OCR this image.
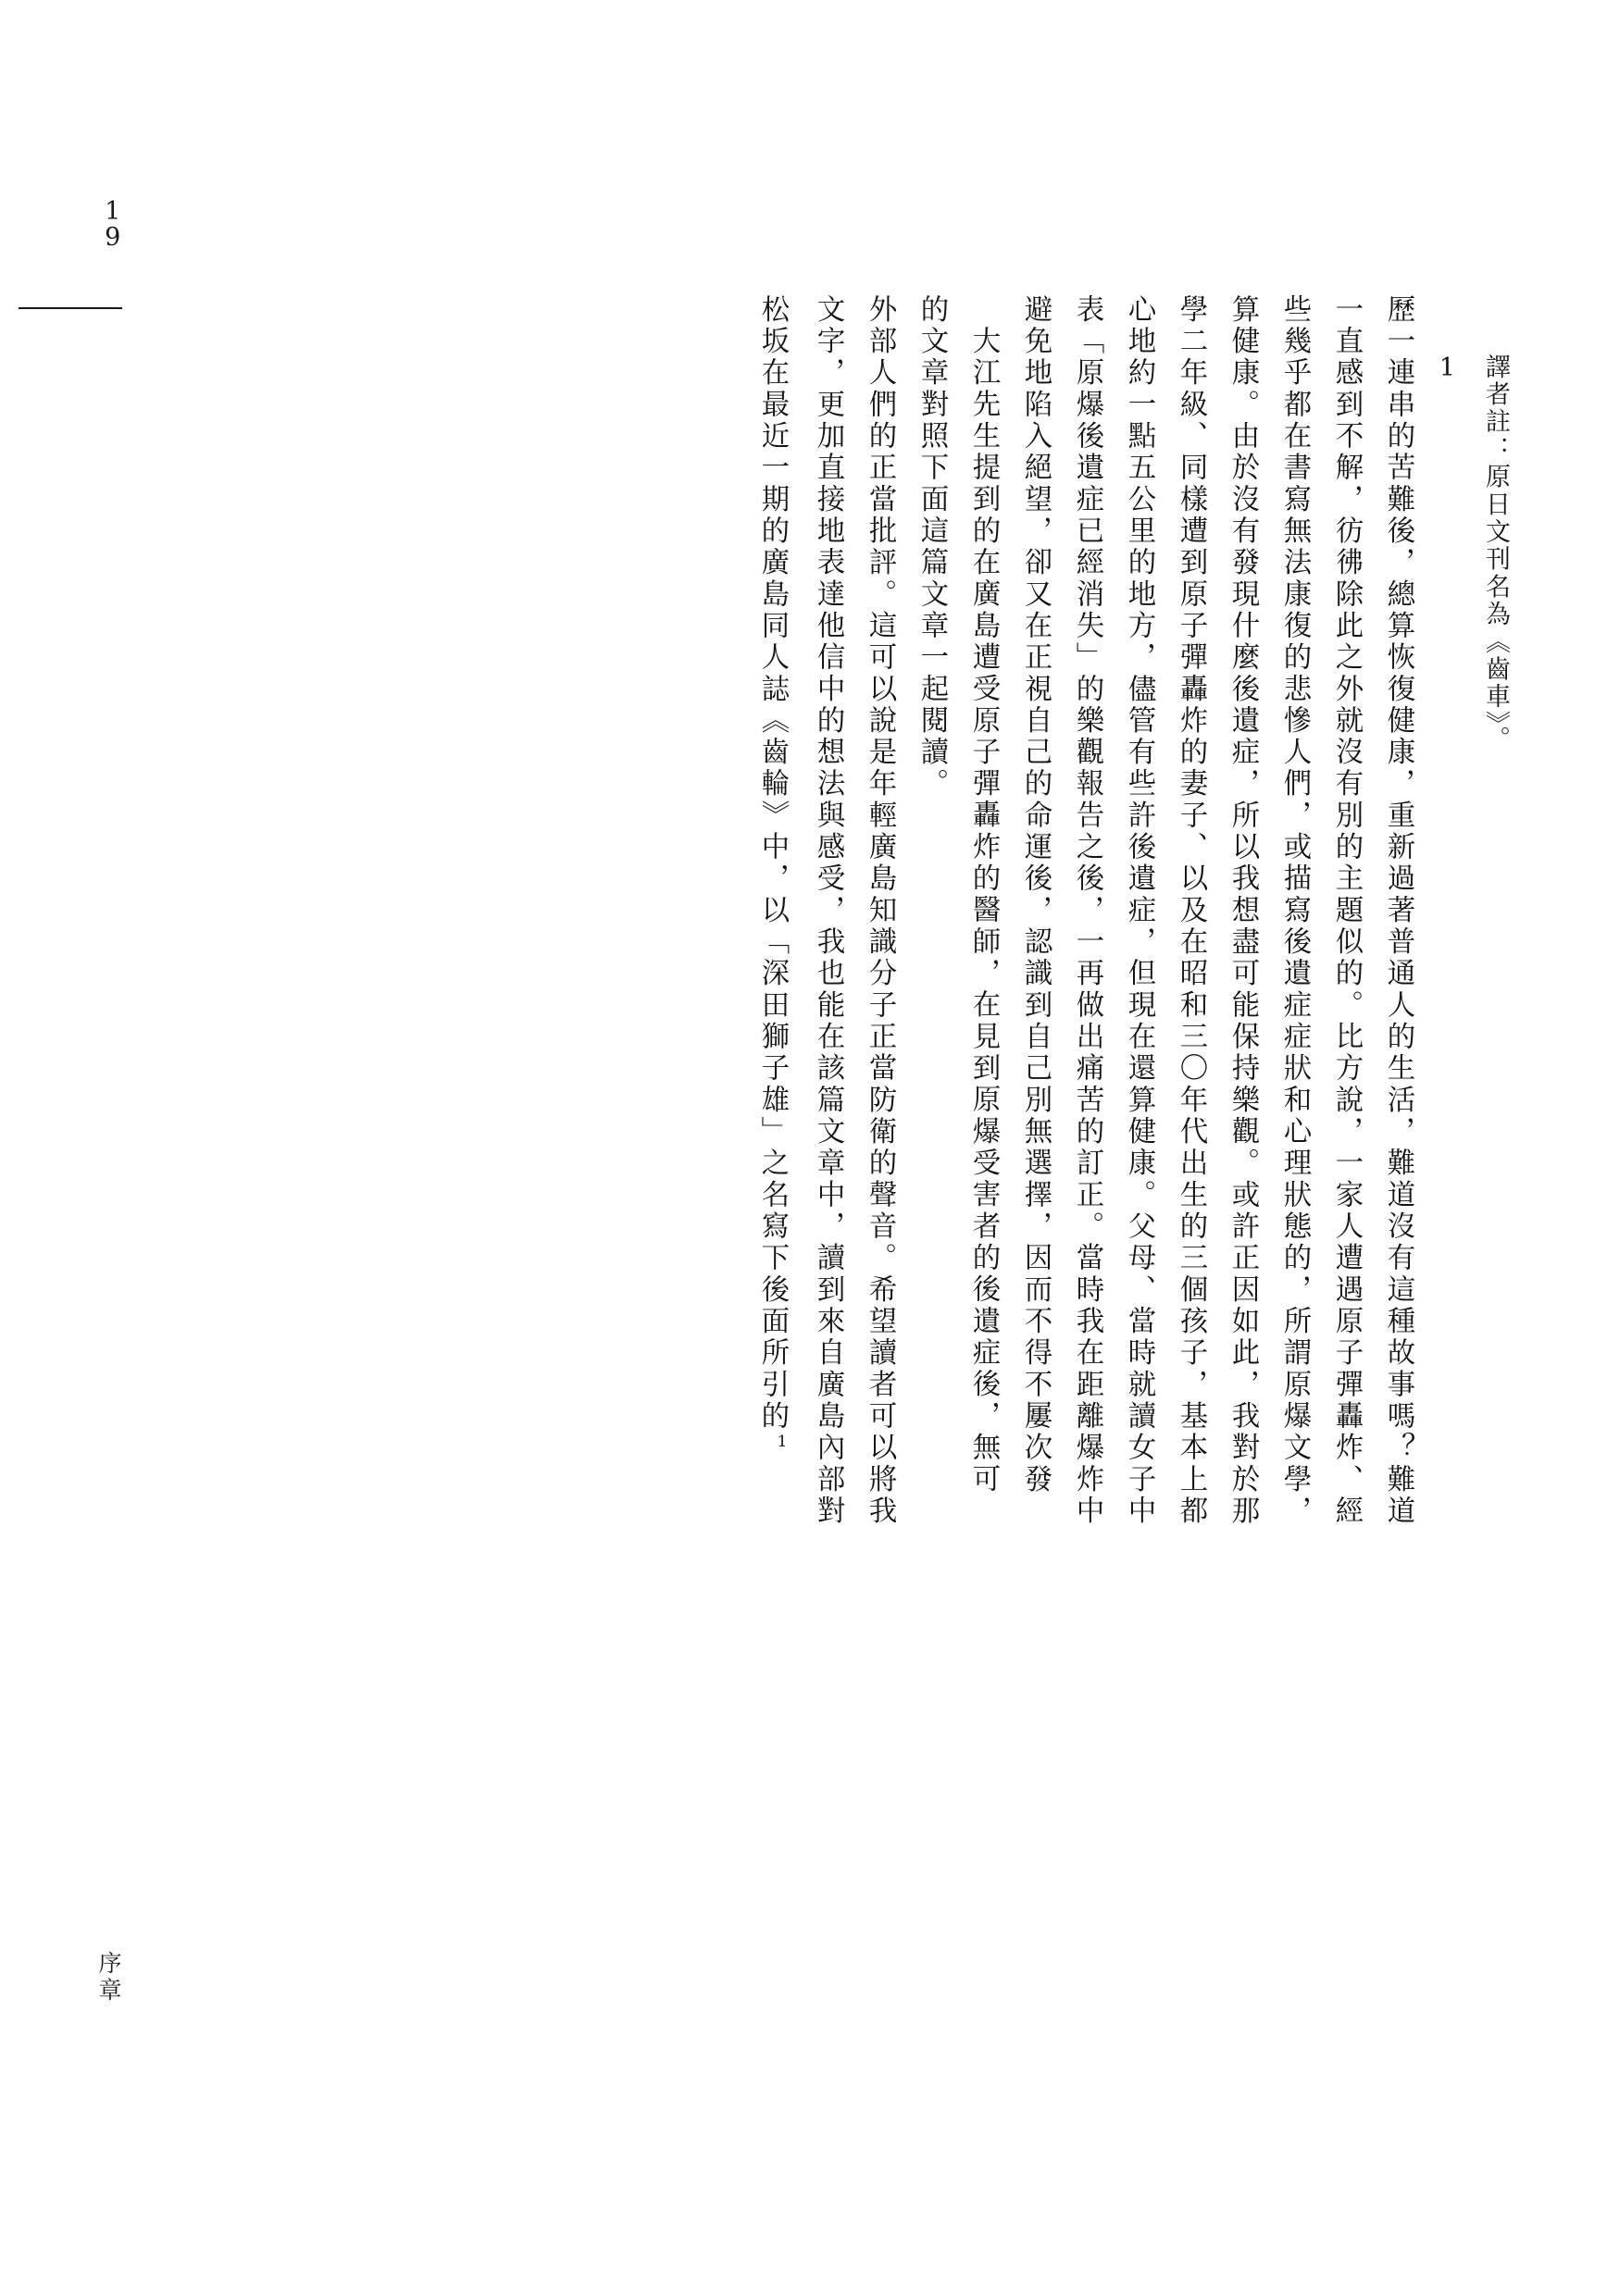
1
9
序章
松坂在最近一期的廣島同人誌《齒輪》中，以「深田獅子雄」之名寫下後面所引的$^1$ 文字，更加直接地表達他信中的想法與感受，我也能在該篇文章中，讀到來自廣島內部對 外部人們的正當批評。這可以說是年輕廣島知識分子正當防衛的聲音。希望讀者可以將我 的文章對照下面這篇文章一起閱讀。 大江先生提到的在廣島遭受原子彈轟炸的醫師，在見到原爆受害者的後遺症後，無可 避免地陷入絕望，卻又在正視自己的命運後，認識到自己別無選擇，因而不得不屢次發 表「原爆後遺症已經消失」的樂觀報告之後，一再做出痛苦的訂正。當時我在距離爆炸中 心地約一點五公里的地方，儘管有些許後遺症，但現在還算健康。父母、當時就讀女子中 學二年級、同樣遭到原子彈轟炸的妻子、以及在昭和三〇年代出生的三個孩子，基本上都 算健康。由於沒有發現什麼後遺症，所以我想盡可能保持樂觀。或許正因如此，我對於那 些幾乎都在書寫無法康復的悲慘人們，或描寫後遺症症狀和心理狀態的，所謂原爆文學， 一直感到不解，彷彿除此之外就沒有別的主題似的。比方說，一家人遭遇原子彈轟炸、經 歷一連串的苦難後，總算恢復健康，重新過著普通人的生活，難道沒有這種故事嗎？難道 1 譯者註：原日文刊名為《齒車》。
